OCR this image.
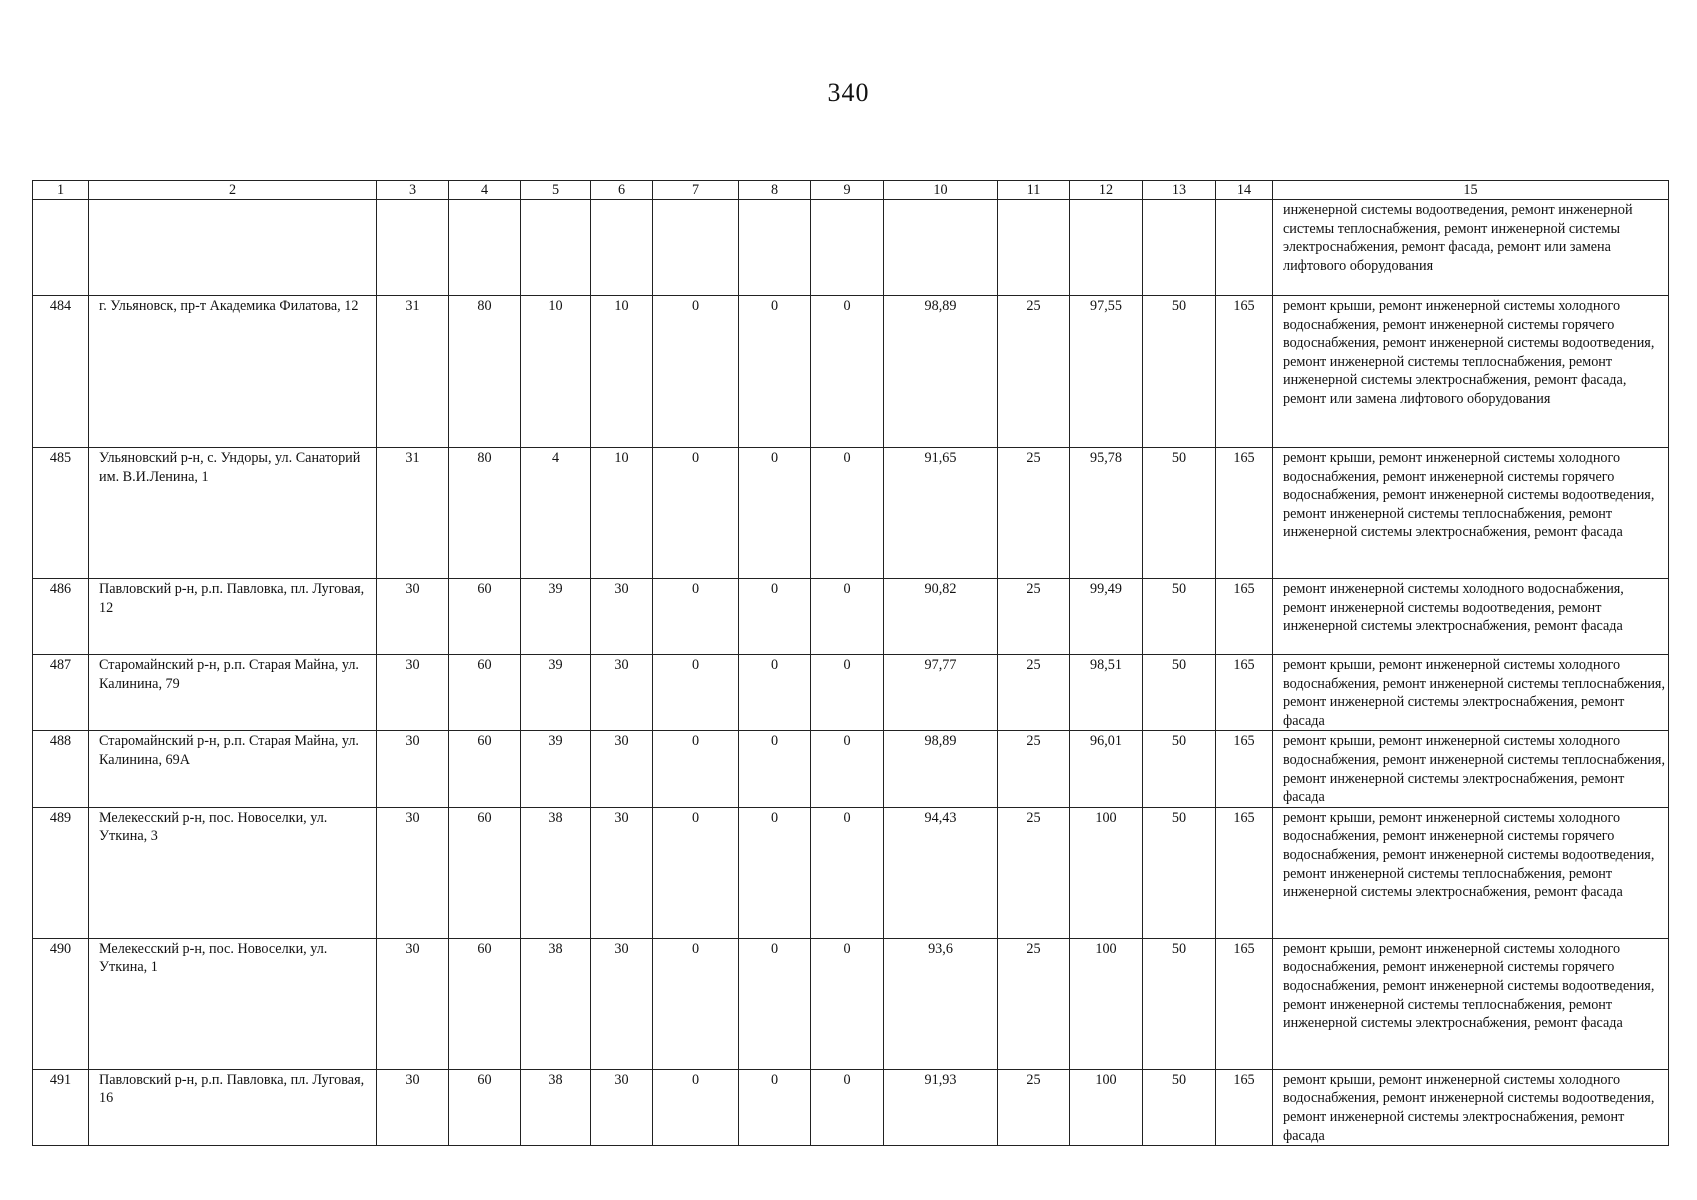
340
1	2	3	4	5	6	7	8	9	10	11	12	13	14	15
														инженерной системы водоотведения, ремонт инженерной системы теплоснабжения, ремонт инженерной системы электроснабжения, ремонт фасада, ремонт или замена лифтового оборудования
484	г. Ульяновск, пр-т Академика Филатова, 12	31	80	10	10	0	0	0	98,89	25	97,55	50	165	ремонт крыши, ремонт инженерной системы холодного водоснабжения, ремонт инженерной системы горячего водоснабжения, ремонт инженерной системы водоотведения, ремонт инженерной системы теплоснабжения, ремонт инженерной системы электроснабжения, ремонт фасада, ремонт или замена лифтового оборудования
485	Ульяновский р-н, с. Ундоры, ул. Санаторий им. В.И.Ленина, 1	31	80	4	10	0	0	0	91,65	25	95,78	50	165	ремонт крыши, ремонт инженерной системы холодного водоснабжения, ремонт инженерной системы горячего водоснабжения, ремонт инженерной системы водоотведения, ремонт инженерной системы теплоснабжения, ремонт инженерной системы электроснабжения, ремонт фасада
486	Павловский р-н, р.п. Павловка, пл. Луговая, 12	30	60	39	30	0	0	0	90,82	25	99,49	50	165	ремонт инженерной системы холодного водоснабжения, ремонт инженерной системы водоотведения, ремонт инженерной системы электроснабжения, ремонт фасада
487	Старомайнский р-н, р.п. Старая Майна, ул. Калинина, 79	30	60	39	30	0	0	0	97,77	25	98,51	50	165	ремонт крыши, ремонт инженерной системы холодного водоснабжения, ремонт инженерной системы теплоснабжения, ремонт инженерной системы электроснабжения, ремонт фасада
488	Старомайнский р-н, р.п. Старая Майна, ул. Калинина, 69А	30	60	39	30	0	0	0	98,89	25	96,01	50	165	ремонт крыши, ремонт инженерной системы холодного водоснабжения, ремонт инженерной системы теплоснабжения, ремонт инженерной системы электроснабжения, ремонт фасада
489	Мелекесский р-н, пос. Новоселки, ул. Уткина, 3	30	60	38	30	0	0	0	94,43	25	100	50	165	ремонт крыши, ремонт инженерной системы холодного водоснабжения, ремонт инженерной системы горячего водоснабжения, ремонт инженерной системы водоотведения, ремонт инженерной системы теплоснабжения, ремонт инженерной системы электроснабжения, ремонт фасада
490	Мелекесский р-н, пос. Новоселки, ул. Уткина, 1	30	60	38	30	0	0	0	93,6	25	100	50	165	ремонт крыши, ремонт инженерной системы холодного водоснабжения, ремонт инженерной системы горячего водоснабжения, ремонт инженерной системы водоотведения, ремонт инженерной системы теплоснабжения, ремонт инженерной системы электроснабжения, ремонт фасада
491	Павловский р-н, р.п. Павловка, пл. Луговая, 16	30	60	38	30	0	0	0	91,93	25	100	50	165	ремонт крыши, ремонт инженерной системы холодного водоснабжения, ремонт инженерной системы водоотведения, ремонт инженерной системы электроснабжения, ремонт фасада
